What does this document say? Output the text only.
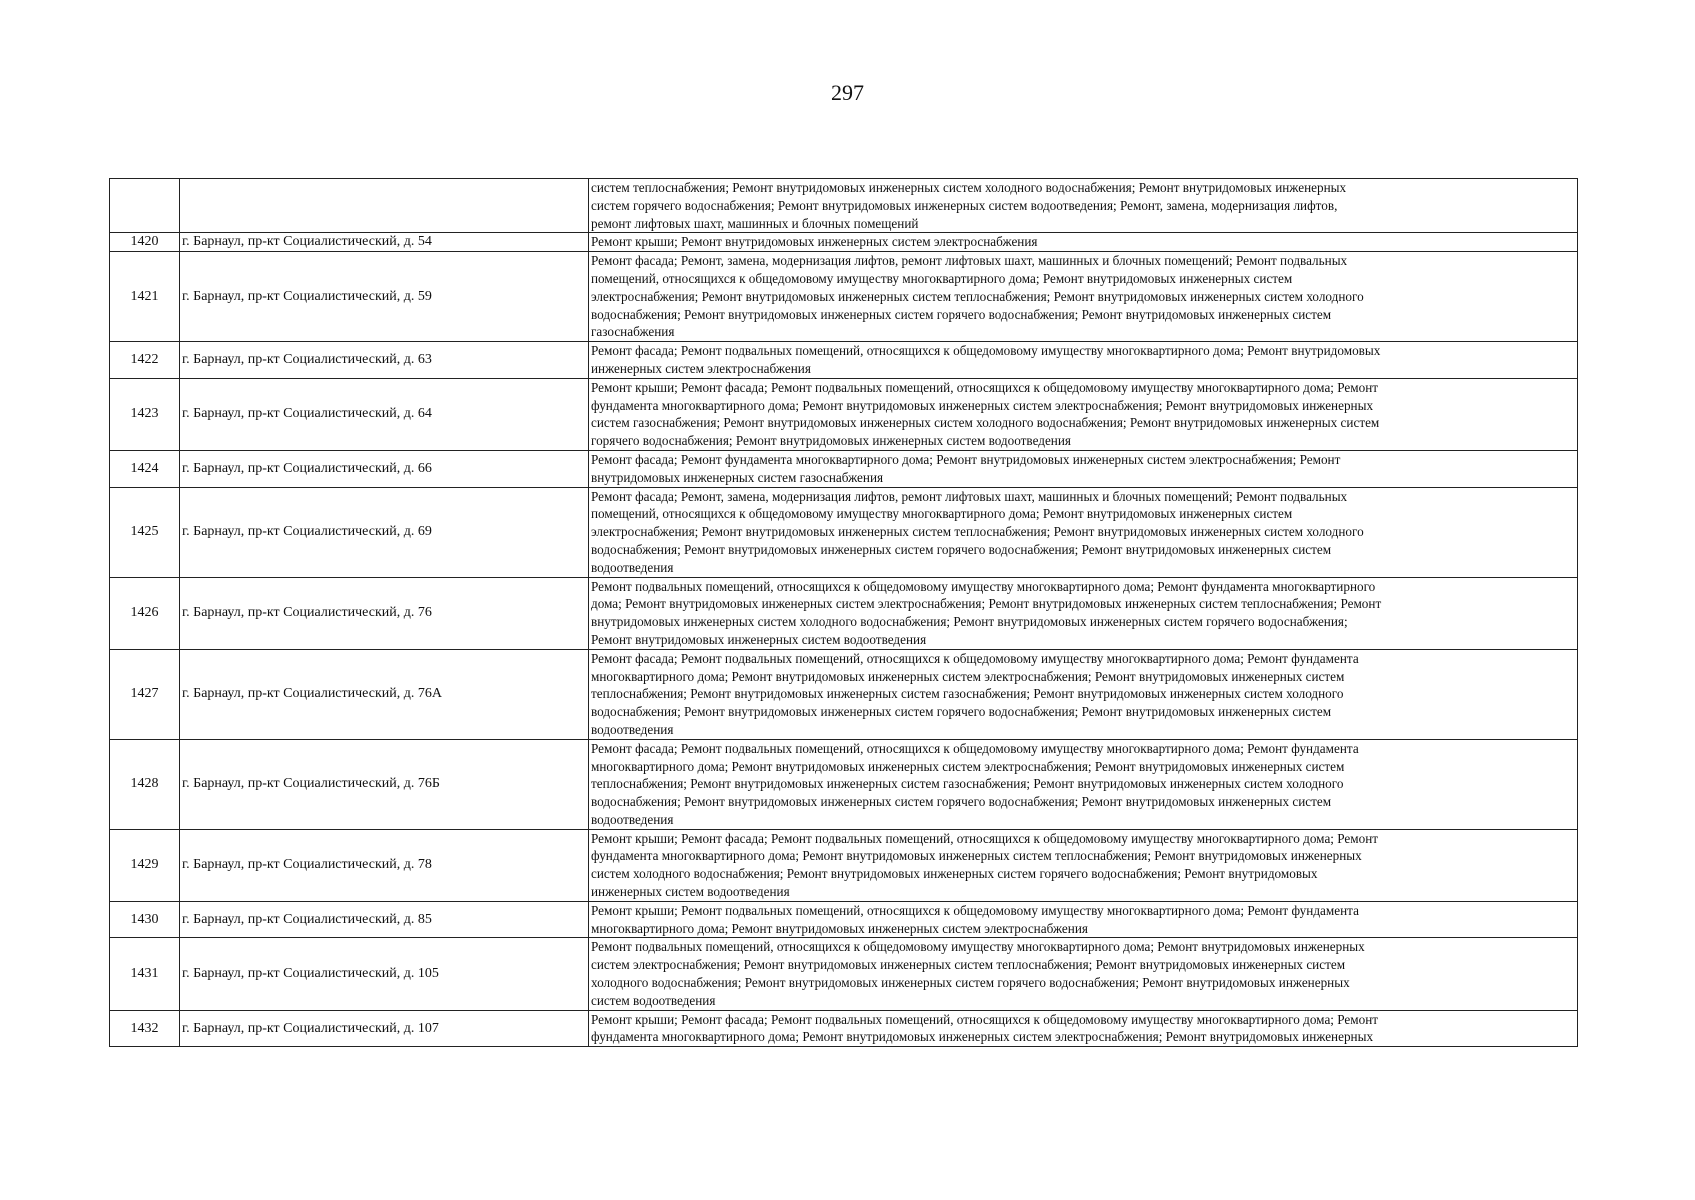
297

		систем теплоснабжения; Ремонт внутридомовых инженерных систем холодного водоснабжения; Ремонт внутридомовых инженерных
систем горячего водоснабжения; Ремонт внутридомовых инженерных систем водоотведения; Ремонт, замена, модернизация лифтов,
ремонт лифтовых шахт, машинных и блочных помещений

1420	г. Барнаул, пр-кт Социалистический, д. 54	Ремонт крыши; Ремонт внутридомовых инженерных систем электроснабжения

1421	г. Барнаул, пр-кт Социалистический, д. 59	Ремонт фасада; Ремонт, замена, модернизация лифтов, ремонт лифтовых шахт, машинных и блочных помещений; Ремонт подвальных
помещений, относящихся к общедомовому имуществу многоквартирного дома; Ремонт внутридомовых инженерных систем
электроснабжения; Ремонт внутридомовых инженерных систем теплоснабжения; Ремонт внутридомовых инженерных систем холодного
водоснабжения; Ремонт внутридомовых инженерных систем горячего водоснабжения; Ремонт внутридомовых инженерных систем
газоснабжения

1422	г. Барнаул, пр-кт Социалистический, д. 63	Ремонт фасада; Ремонт подвальных помещений, относящихся к общедомовому имуществу многоквартирного дома; Ремонт внутридомовых
инженерных систем электроснабжения

1423	г. Барнаул, пр-кт Социалистический, д. 64	Ремонт крыши; Ремонт фасада; Ремонт подвальных помещений, относящихся к общедомовому имуществу многоквартирного дома; Ремонт
фундамента многоквартирного дома; Ремонт внутридомовых инженерных систем электроснабжения; Ремонт внутридомовых инженерных
систем газоснабжения; Ремонт внутридомовых инженерных систем холодного водоснабжения; Ремонт внутридомовых инженерных систем
горячего водоснабжения; Ремонт внутридомовых инженерных систем водоотведения

1424	г. Барнаул, пр-кт Социалистический, д. 66	Ремонт фасада; Ремонт фундамента многоквартирного дома; Ремонт внутридомовых инженерных систем электроснабжения; Ремонт
внутридомовых инженерных систем газоснабжения

1425	г. Барнаул, пр-кт Социалистический, д. 69	Ремонт фасада; Ремонт, замена, модернизация лифтов, ремонт лифтовых шахт, машинных и блочных помещений; Ремонт подвальных
помещений, относящихся к общедомовому имуществу многоквартирного дома; Ремонт внутридомовых инженерных систем
электроснабжения; Ремонт внутридомовых инженерных систем теплоснабжения; Ремонт внутридомовых инженерных систем холодного
водоснабжения; Ремонт внутридомовых инженерных систем горячего водоснабжения; Ремонт внутридомовых инженерных систем
водоотведения

1426	г. Барнаул, пр-кт Социалистический, д. 76	Ремонт подвальных помещений, относящихся к общедомовому имуществу многоквартирного дома; Ремонт фундамента многоквартирного
дома; Ремонт внутридомовых инженерных систем электроснабжения; Ремонт внутридомовых инженерных систем теплоснабжения; Ремонт
внутридомовых инженерных систем холодного водоснабжения; Ремонт внутридомовых инженерных систем горячего водоснабжения;
Ремонт внутридомовых инженерных систем водоотведения

1427	г. Барнаул, пр-кт Социалистический, д. 76А	Ремонт фасада; Ремонт подвальных помещений, относящихся к общедомовому имуществу многоквартирного дома; Ремонт фундамента
многоквартирного дома; Ремонт внутридомовых инженерных систем электроснабжения; Ремонт внутридомовых инженерных систем
теплоснабжения; Ремонт внутридомовых инженерных систем газоснабжения; Ремонт внутридомовых инженерных систем холодного
водоснабжения; Ремонт внутридомовых инженерных систем горячего водоснабжения; Ремонт внутридомовых инженерных систем
водоотведения

1428	г. Барнаул, пр-кт Социалистический, д. 76Б	Ремонт фасада; Ремонт подвальных помещений, относящихся к общедомовому имуществу многоквартирного дома; Ремонт фундамента
многоквартирного дома; Ремонт внутридомовых инженерных систем электроснабжения; Ремонт внутридомовых инженерных систем
теплоснабжения; Ремонт внутридомовых инженерных систем газоснабжения; Ремонт внутридомовых инженерных систем холодного
водоснабжения; Ремонт внутридомовых инженерных систем горячего водоснабжения; Ремонт внутридомовых инженерных систем
водоотведения

1429	г. Барнаул, пр-кт Социалистический, д. 78	Ремонт крыши; Ремонт фасада; Ремонт подвальных помещений, относящихся к общедомовому имуществу многоквартирного дома; Ремонт
фундамента многоквартирного дома; Ремонт внутридомовых инженерных систем теплоснабжения; Ремонт внутридомовых инженерных
систем холодного водоснабжения; Ремонт внутридомовых инженерных систем горячего водоснабжения; Ремонт внутридомовых
инженерных систем водоотведения

1430	г. Барнаул, пр-кт Социалистический, д. 85	Ремонт крыши; Ремонт подвальных помещений, относящихся к общедомовому имуществу многоквартирного дома; Ремонт фундамента
многоквартирного дома; Ремонт внутридомовых инженерных систем электроснабжения

1431	г. Барнаул, пр-кт Социалистический, д. 105	Ремонт подвальных помещений, относящихся к общедомовому имуществу многоквартирного дома; Ремонт внутридомовых инженерных
систем электроснабжения; Ремонт внутридомовых инженерных систем теплоснабжения; Ремонт внутридомовых инженерных систем
холодного водоснабжения; Ремонт внутридомовых инженерных систем горячего водоснабжения; Ремонт внутридомовых инженерных
систем водоотведения

1432	г. Барнаул, пр-кт Социалистический, д. 107	Ремонт крыши; Ремонт фасада; Ремонт подвальных помещений, относящихся к общедомовому имуществу многоквартирного дома; Ремонт
фундамента многоквартирного дома; Ремонт внутридомовых инженерных систем электроснабжения; Ремонт внутридомовых инженерных
